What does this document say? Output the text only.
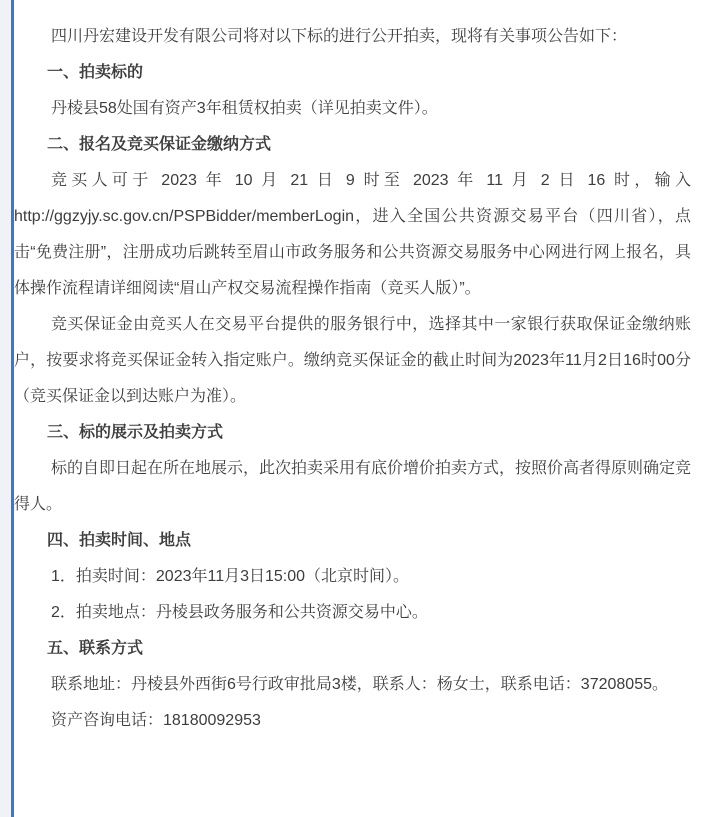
四川丹宏建设开发有限公司将对以下标的进行公开拍卖，现将有关事项公告如下：

一、拍卖标的

丹棱县58处国有资产3年租赁权拍卖（详见拍卖文件）。

二、报名及竞买保证金缴纳方式

竞买人可于 2023 年 10 月 21 日 9 时至 2023 年 11 月 2 日 16 时，输入http://ggzyjy.sc.gov.cn/PSPBidder/memberLogin，进入全国公共资源交易平台（四川省），点击“免费注册”，注册成功后跳转至眉山市政务服务和公共资源交易服务中心网进行网上报名，具体操作流程请详细阅读“眉山产权交易流程操作指南（竞买人版）”。

竞买保证金由竞买人在交易平台提供的服务银行中，选择其中一家银行获取保证金缴纳账户，按要求将竞买保证金转入指定账户。缴纳竞买保证金的截止时间为2023年11月2日16时00分（竞买保证金以到达账户为准）。

三、标的展示及拍卖方式

标的自即日起在所在地展示，此次拍卖采用有底价增价拍卖方式，按照价高者得原则确定竞得人。

四、拍卖时间、地点

1．拍卖时间：2023年11月3日15:00（北京时间）。

2．拍卖地点：丹棱县政务服务和公共资源交易中心。

五、联系方式

联系地址：丹棱县外西街6号行政审批局3楼，联系人：杨女士，联系电话：37208055。

资产咨询电话：18180092953
